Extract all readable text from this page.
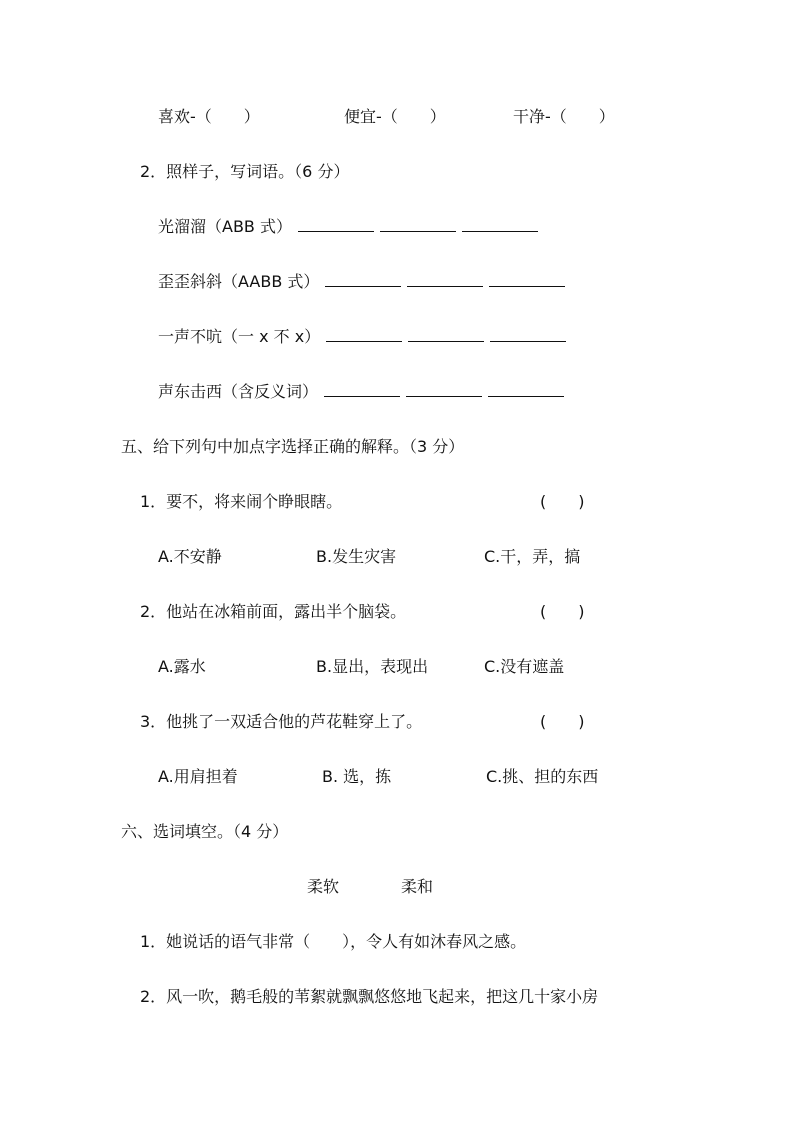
喜欢-（　　）	便宜-（　　）	干净-（　　）
2．照样子，写词语。（6 分）
光溜溜（ABB 式）
歪歪斜斜（AABB 式）
一声不吭（一 x 不 x）
声东击西（含反义词）
五、给下列句中加点字选择正确的解释。（3 分）
1．要不，将来闹个睁眼瞎。	(　　)
A.不安静	B.发生灾害	C.干，弄，搞
2．他站在冰箱前面，露出半个脑袋。	(　　)
A.露水	B.显出，表现出	C.没有遮盖
3．他挑了一双适合他的芦花鞋穿上了。	(　　)
A.用肩担着	B. 选，拣	C.挑、担的东西
六、选词填空。（4 分）
柔软	柔和
1．她说话的语气非常（　　），令人有如沐春风之感。
2．风一吹，鹅毛般的苇絮就飘飘悠悠地飞起来，把这几十家小房
